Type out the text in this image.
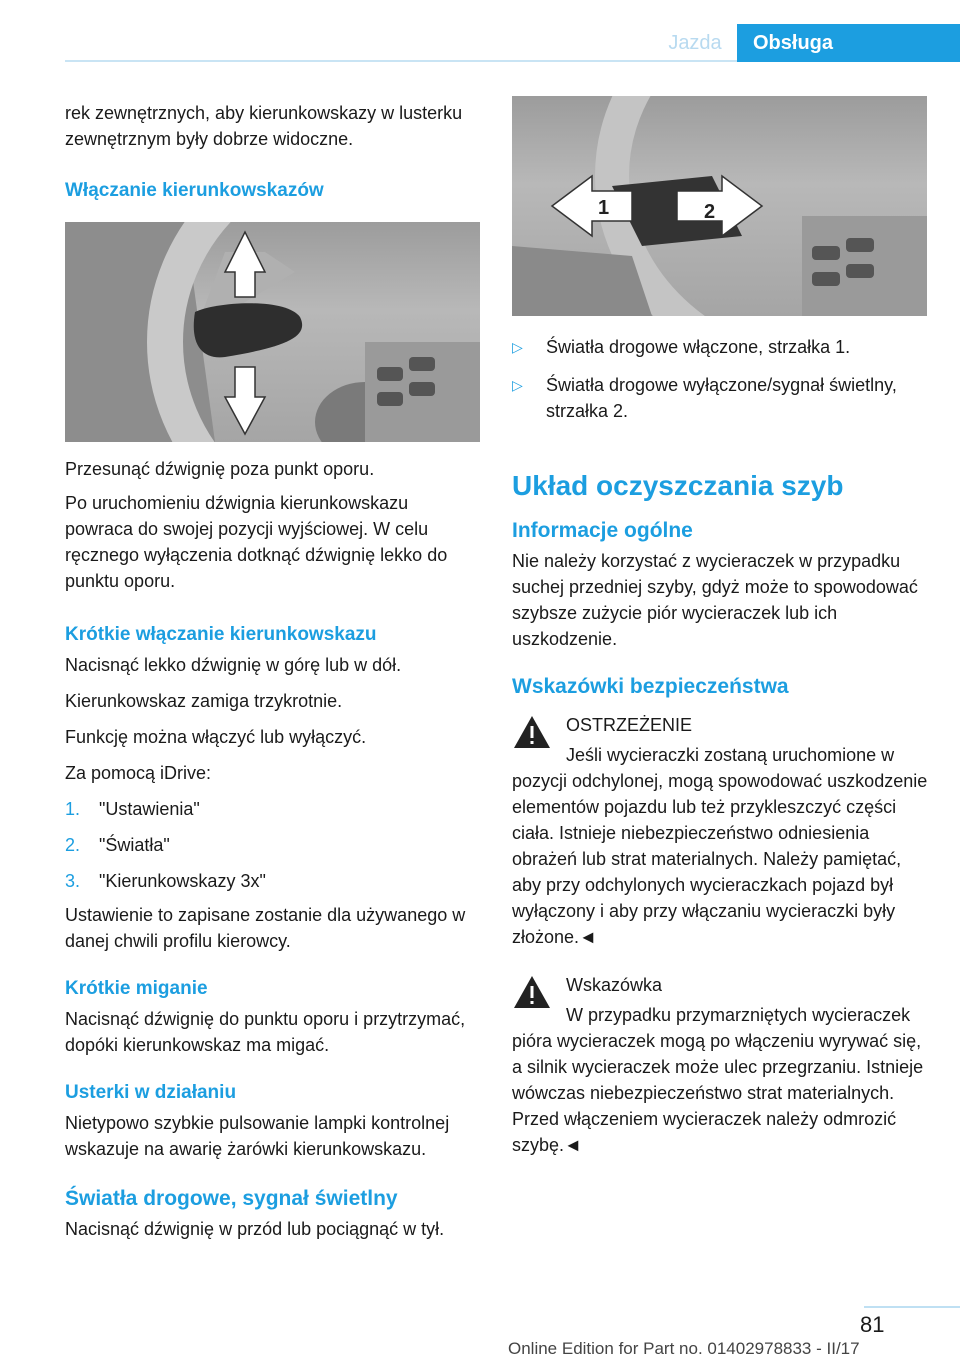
Jazda	Obsługa

rek zewnętrznych, aby kierunkowskazy w lusterku zewnętrznym były dobrze widoczne.

Włączanie kierunkowskazów

Przesunąć dźwignię poza punkt oporu.

Po uruchomieniu dźwignia kierunkowskazu powraca do swojej pozycji wyjściowej. W celu ręcznego wyłączenia dotknąć dźwignię lekko do punktu oporu.

Krótkie włączanie kierunkowskazu

Nacisnąć lekko dźwignię w górę lub w dół.

Kierunkowskaz zamiga trzykrotnie.

Funkcję można włączyć lub wyłączyć.

Za pomocą iDrive:

1.	"Ustawienia"
2.	"Światła"
3.	"Kierunkowskazy 3x"

Ustawienie to zapisane zostanie dla używanego w danej chwili profilu kierowcy.

Krótkie miganie

Nacisnąć dźwignię do punktu oporu i przytrzymać, dopóki kierunkowskaz ma migać.

Usterki w działaniu

Nietypowo szybkie pulsowanie lampki kontrolnej wskazuje na awarię żarówki kierunkowskazu.

Światła drogowe, sygnał świetlny

Nacisnąć dźwignię w przód lub pociągnąć w tył.

1	2
▷	Światła drogowe włączone, strzałka 1.
▷	Światła drogowe wyłączone/sygnał świetlny, strzałka 2.
Układ oczyszczania szyb
Informacje ogólne

Nie należy korzystać z wycieraczek w przypadku suchej przedniej szyby, gdyż może to spowodować szybsze zużycie piór wycieraczek lub ich uszkodzenie.

Wskazówki bezpieczeństwa

OSTRZEŻENIE

Jeśli wycieraczki zostaną uruchomione w pozycji odchylonej, mogą spowodować uszkodzenie elementów pojazdu lub też przykleszczyć części ciała. Istnieje niebezpieczeństwo odniesienia obrażeń lub strat materialnych. Należy pamiętać, aby przy odchylonych wycieraczkach pojazd był wyłączony i aby przy włączaniu wycieraczki były złożone.◄

Wskazówka

W przypadku przymarzniętych wycieraczek pióra wycieraczek mogą po włączeniu wyrywać się, a silnik wycieraczek może ulec przegrzaniu. Istnieje wówczas niebezpieczeństwo strat materialnych. Przed włączeniem wycieraczek należy odmrozić szybę.◄

81
Online Edition for Part no. 01402978833 - II/17
